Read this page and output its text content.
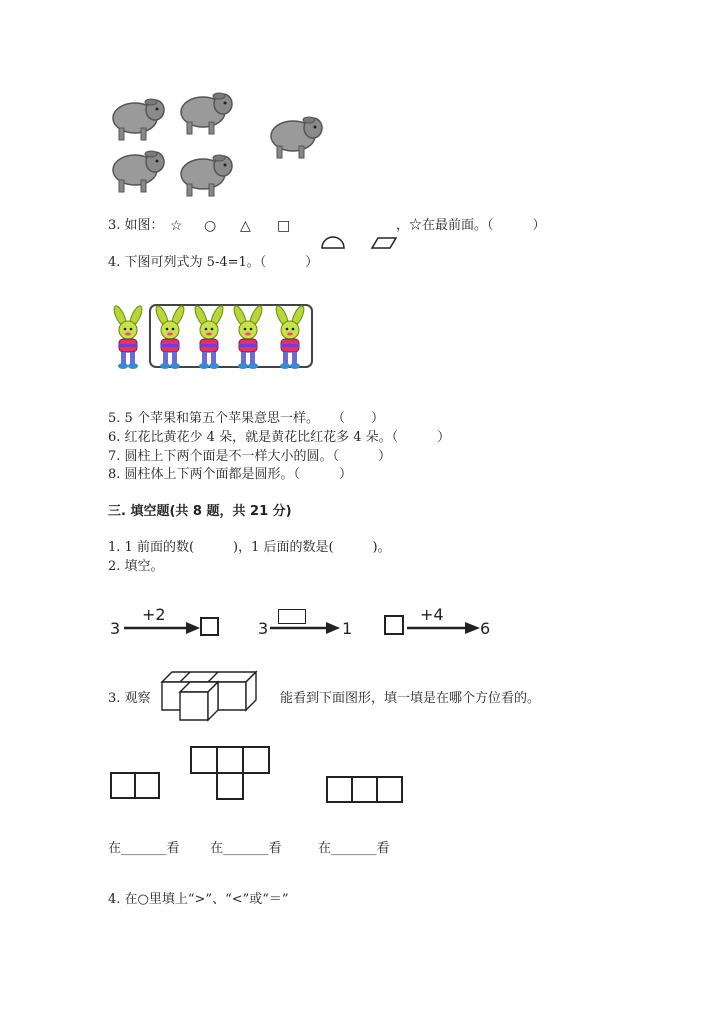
3. 如图： ☆ ○ △ □	，☆在最前面。（　　　）
4. 下图可列式为 5-4=1。（　　　）
5. 5 个苹果和第五个苹果意思一样。　　（　　）
6. 红花比黄花少 4 朵，就是黄花比红花多 4 朵。（　　　）
7. 圆柱上下两个面是不一样大小的圆。（　　　）
8. 圆柱体上下两个面都是圆形。（　　　）
三. 填空题(共 8 题，共 21 分)
1. 1 前面的数(　　　)，1 后面的数是(　　　)。
2. 填空。
3
+2
3	1
+4
6
3. 观察	能看到下面图形，填一填是在哪个方位看的。
在_______看 在_______看	在_______看
4. 在○里填上“>”、“<”或“＝”
